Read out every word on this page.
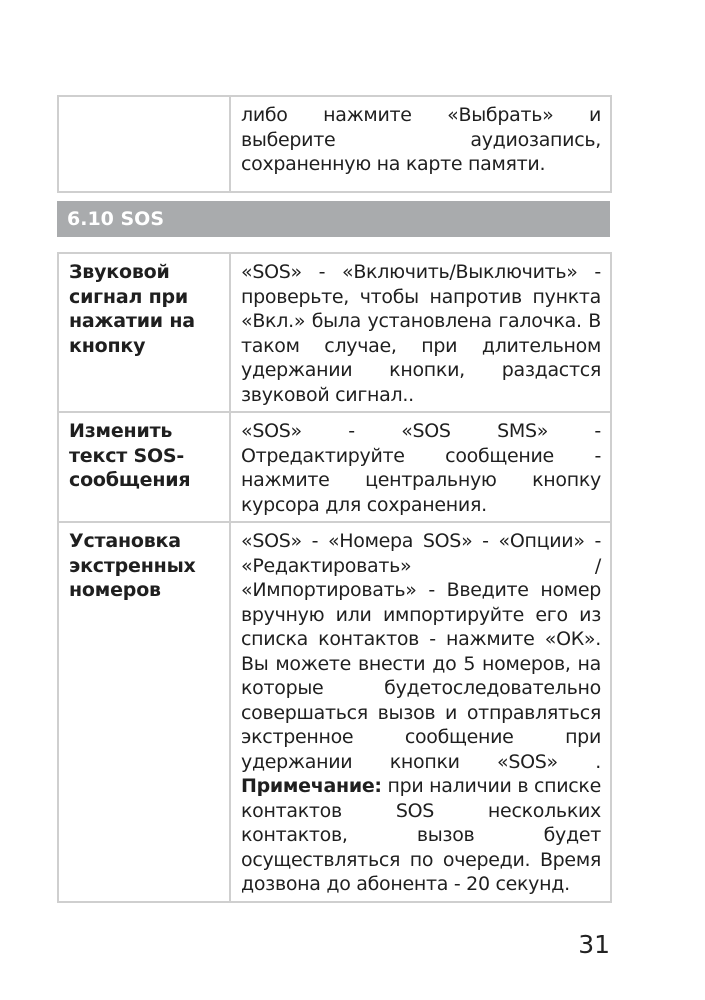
	либо нажмите «Выбрать» и выберите аудиозапись, сохраненную на карте памяти.
6.10 SOS
Звуковой сигнал при нажатии на кнопку	«SOS» - «Включить/Выключить» - проверьте, чтобы напротив пункта «Вкл.» была установлена галочка. В таком случае, при длительном удержании кнопки, раздастся звуковой сигнал..
Изменить текст SOS-сообщения	«SOS» - «SOS SMS» - Отредактируйте сообщение - нажмите центральную кнопку курсора для сохранения.
Установка экстренных номеров	«SOS» - «Номера SOS» - «Опции» - «Редактировать» / «Импортировать» - Введите номер вручную или импортируйте его из списка контактов - нажмите «ОК». Вы можете внести до 5 номеров, на которые будетоследовательно совершаться вызов и отправляться экстренное сообщение при удержании кнопки «SOS» . Примечание: при наличии в списке контактов SOS нескольких контактов, вызов будет осуществляться по очереди. Время дозвона до абонента - 20 секунд.
31
